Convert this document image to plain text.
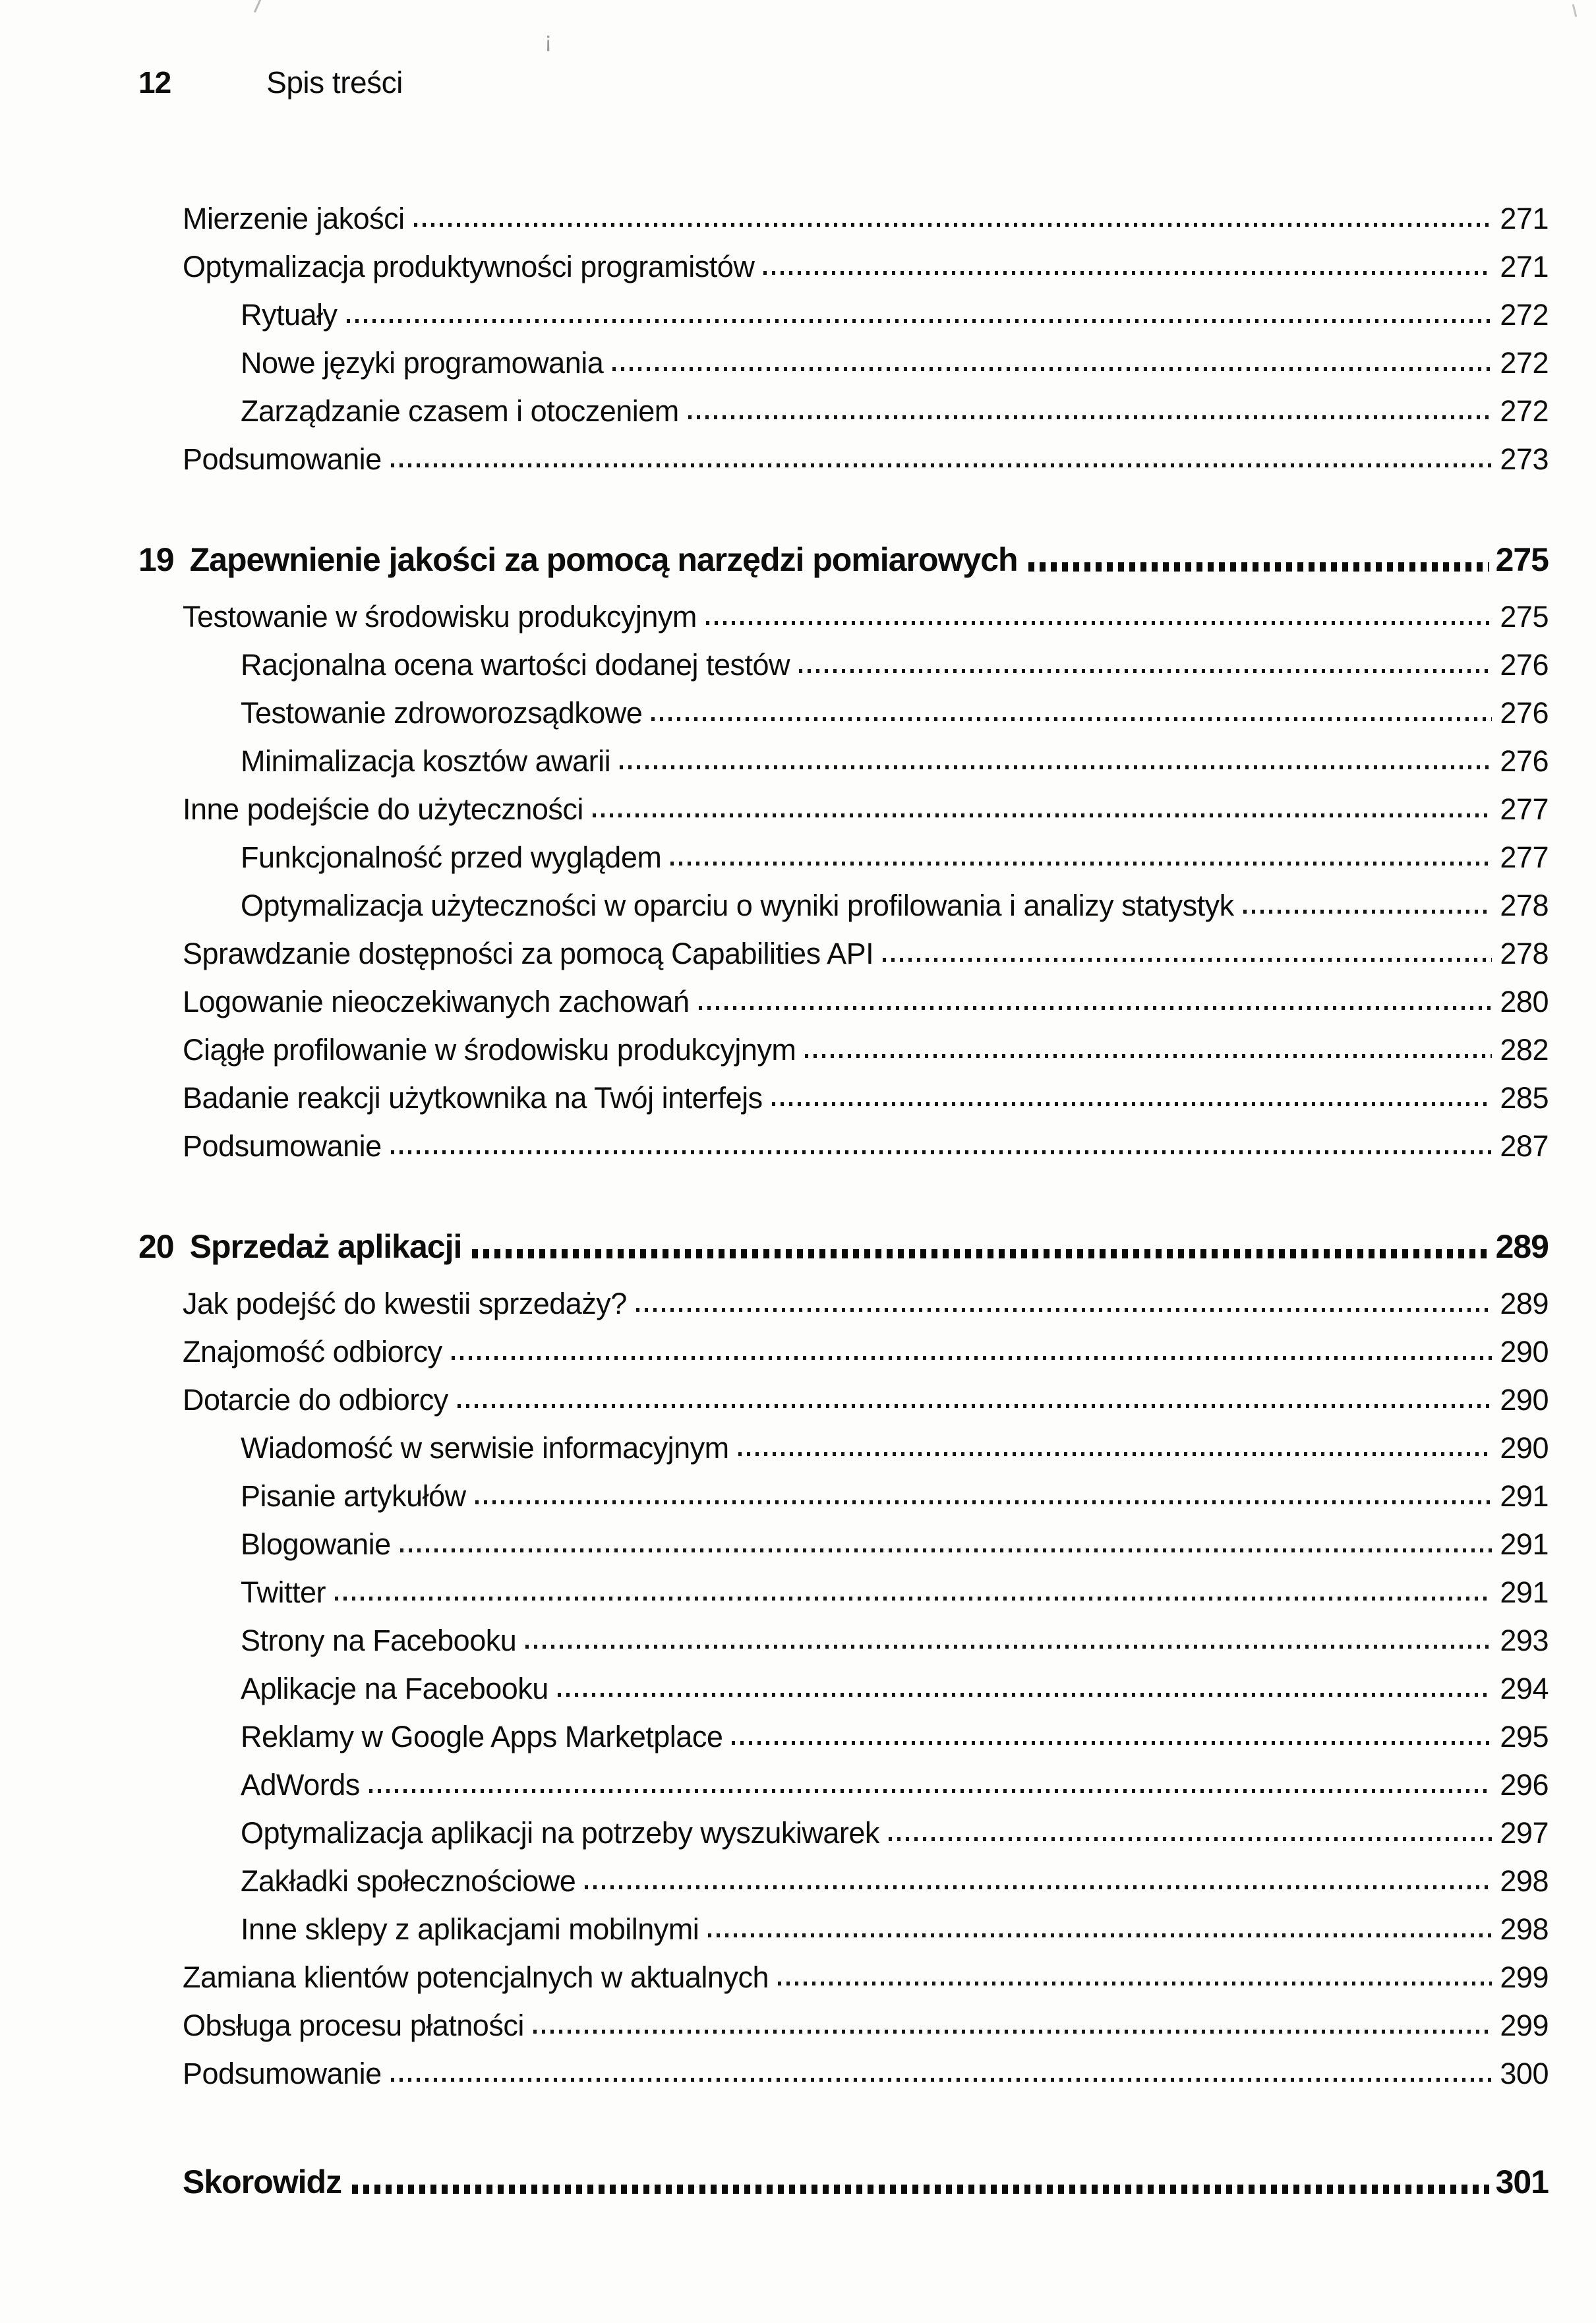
¡
12	Spis treści
Mierzenie jakości	271
Optymalizacja produktywności programistów	271
Rytuały	272
Nowe języki programowania	272
Zarządzanie czasem i otoczeniem	272
Podsumowanie	273
19 Zapewnienie jakości za pomocą narzędzi pomiarowych	275
Testowanie w środowisku produkcyjnym	275
Racjonalna ocena wartości dodanej testów	276
Testowanie zdroworozsądkowe	276
Minimalizacja kosztów awarii	276
Inne podejście do użyteczności	277
Funkcjonalność przed wyglądem	277
Optymalizacja użyteczności w oparciu o wyniki profilowania i analizy statystyk	278
Sprawdzanie dostępności za pomocą Capabilities API	278
Logowanie nieoczekiwanych zachowań	280
Ciągłe profilowanie w środowisku produkcyjnym	282
Badanie reakcji użytkownika na Twój interfejs	285
Podsumowanie	287
20 Sprzedaż aplikacji	289
Jak podejść do kwestii sprzedaży?	289
Znajomość odbiorcy	290
Dotarcie do odbiorcy	290
Wiadomość w serwisie informacyjnym	290
Pisanie artykułów	291
Blogowanie	291
Twitter	291
Strony na Facebooku	293
Aplikacje na Facebooku	294
Reklamy w Google Apps Marketplace	295
AdWords	296
Optymalizacja aplikacji na potrzeby wyszukiwarek	297
Zakładki społecznościowe	298
Inne sklepy z aplikacjami mobilnymi	298
Zamiana klientów potencjalnych w aktualnych	299
Obsługa procesu płatności	299
Podsumowanie	300
Skorowidz	301
